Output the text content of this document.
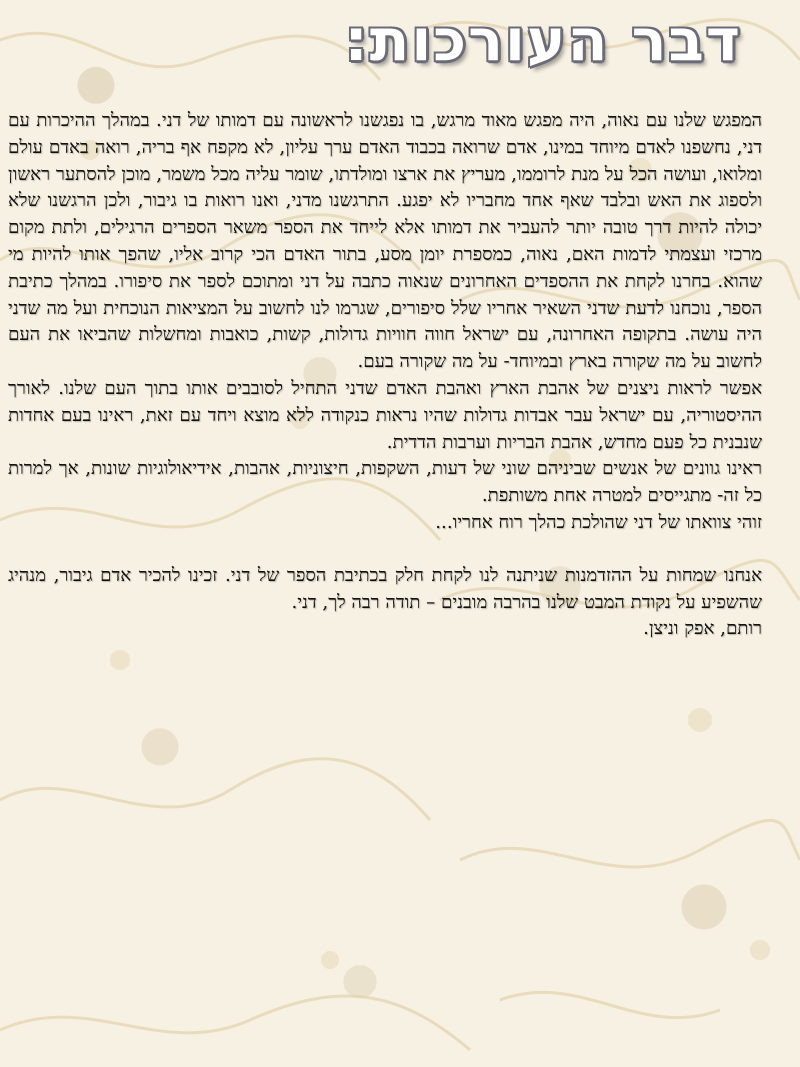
דבר העורכות:

המפגש שלנו עם נאוה, היה מפגש מאוד מרגש, בו נפגשנו לראשונה עם דמותו של דני. במהלך ההיכרות עם דני, נחשפנו לאדם מיוחד במינו, אדם שרואה בכבוד האדם ערך עליון, לא מקפח אף בריה, רואה באדם עולם ומלואו, ועושה הכל על מנת לרוממו, מעריץ את ארצו ומולדתו, שומר עליה מכל משמר, מוכן להסתער ראשון ולספוג את האש ובלבד שאף אחד מחבריו לא יפגע. התרגשנו מדני, ואנו רואות בו גיבור, ולכן הרגשנו שלא יכולה להיות דרך טובה יותר להעביר את דמותו אלא לייחד את הספר משאר הספרים הרגילים, ולתת מקום מרכזי ועצמתי לדמות האם, נאוה, כמספרת יומן מסע, בתור האדם הכי קרוב אליו, שהפך אותו להיות מי שהוא. בחרנו לקחת את ההספדים האחרונים שנאוה כתבה על דני ומתוכם לספר את סיפורו. במהלך כתיבת הספר, נוכחנו לדעת שדני השאיר אחריו שלל סיפורים, שגרמו לנו לחשוב על המציאות הנוכחית ועל מה שדני היה עושה. בתקופה האחרונה, עם ישראל חווה חוויות גדולות, קשות, כואבות ומחשלות שהביאו את העם לחשוב על מה שקורה בארץ ובמיוחד- על מה שקורה בעם.

אפשר לראות ניצנים של אהבת הארץ ואהבת האדם שדני התחיל לסובבים אותו בתוך העם שלנו. לאורך ההיסטוריה, עם ישראל עבר אבדות גדולות שהיו נראות כנקודה ללא מוצא ויחד עם זאת, ראינו בעם אחדות שנבנית כל פעם מחדש, אהבת הבריות וערבות הדדית.

ראינו גוונים של אנשים שביניהם שוני של דעות, השקפות, חיצוניות, אהבות, אידיאולוגיות שונות, אך למרות כל זה- מתגייסים למטרה אחת משותפת.

זוהי צוואתו של דני שהולכת כהלך רוח אחריו...

אנחנו שמחות על ההזדמנות שניתנה לנו לקחת חלק בכתיבת הספר של דני. זכינו להכיר אדם גיבור, מנהיג שהשפיע על נקודת המבט שלנו בהרבה מובנים – תודה רבה לך, דני.

רותם, אפק וניצן.
